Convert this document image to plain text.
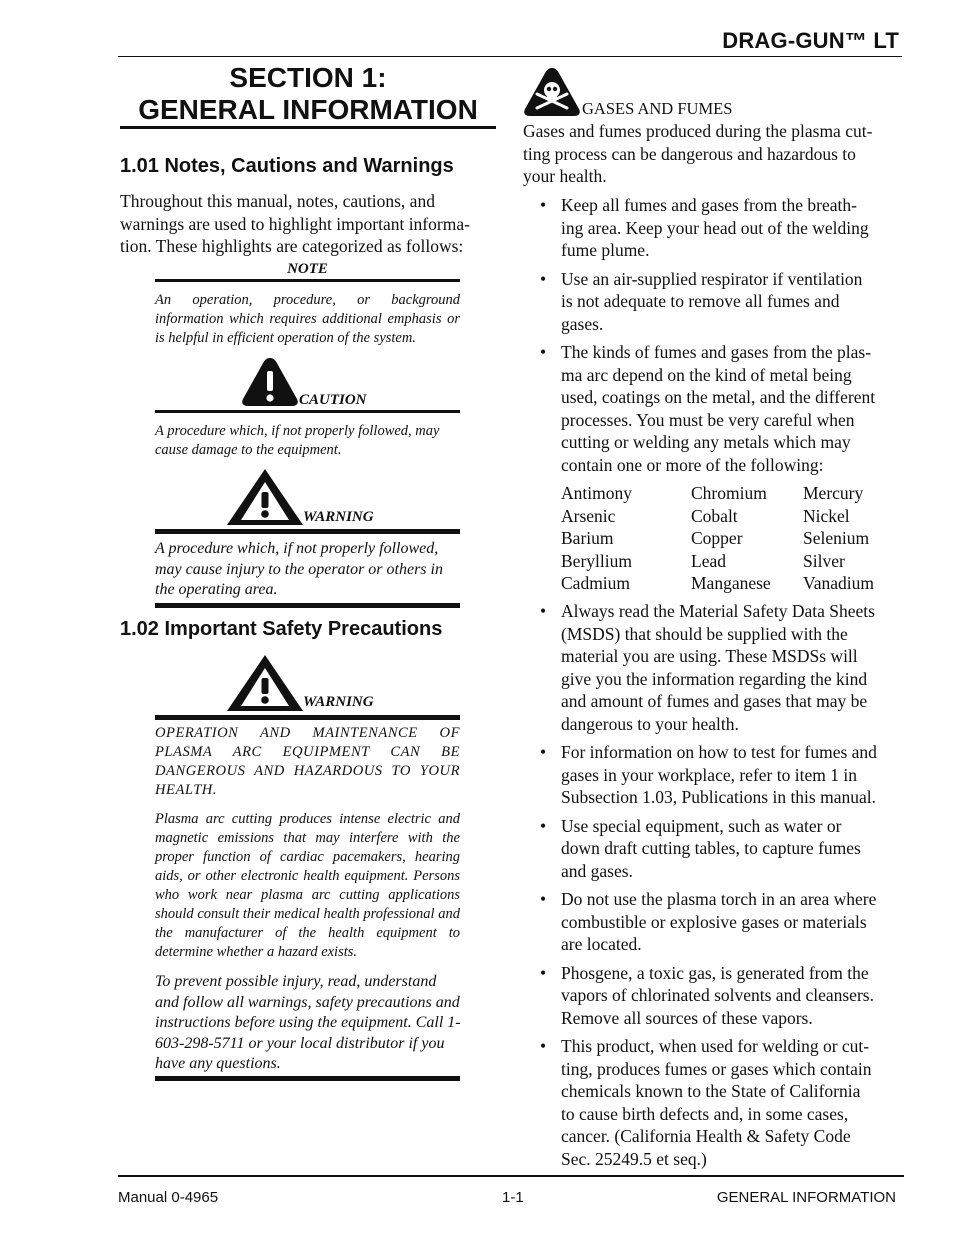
DRAG-GUN™ LT
SECTION 1:
GENERAL INFORMATION
1.01 Notes, Cautions and Warnings
Throughout this manual, notes, cautions, and
warnings are used to highlight important informa-
tion. These highlights are categorized as follows:
NOTE
An operation, procedure, or background information which requires additional emphasis or is helpful in efficient operation of the system.
CAUTION
A procedure which, if not properly followed, may cause damage to the equipment.
WARNING
A procedure which, if not properly followed, may cause injury to the operator or others in the operating area.
1.02 Important Safety Precautions
WARNING
OPERATION AND MAINTENANCE OF PLASMA ARC EQUIPMENT CAN BE DANGEROUS AND HAZARDOUS TO YOUR HEALTH.
Plasma arc cutting produces intense electric and magnetic emissions that may interfere with the proper function of cardiac pacemakers, hearing aids, or other electronic health equipment. Persons who work near plasma arc cutting applications should consult their medical health professional and the manufacturer of the health equipment to determine whether a hazard exists.
To prevent possible injury, read, understand and follow all warnings, safety precautions and instructions before using the equipment. Call 1-603-298-5711 or your local distributor if you have any questions.
GASES AND FUMES
Gases and fumes produced during the plasma cut-
ting process can be dangerous and hazardous to
your health.
• Keep all fumes and gases from the breath-
ing area. Keep your head out of the welding
fume plume.
• Use an air-supplied respirator if ventilation
is not adequate to remove all fumes and
gases.
• The kinds of fumes and gases from the plas-
ma arc depend on the kind of metal being
used, coatings on the metal, and the different
processes. You must be very careful when
cutting or welding any metals which may
contain one or more of the following:
Antimony	Chromium	Mercury
Arsenic	Cobalt	Nickel
Barium	Copper	Selenium
Beryllium	Lead	Silver
Cadmium	Manganese	Vanadium
• Always read the Material Safety Data Sheets
(MSDS) that should be supplied with the
material you are using. These MSDSs will
give you the information regarding the kind
and amount of fumes and gases that may be
dangerous to your health.
• For information on how to test for fumes and
gases in your workplace, refer to item 1 in
Subsection 1.03, Publications in this manual.
• Use special equipment, such as water or
down draft cutting tables, to capture fumes
and gases.
• Do not use the plasma torch in an area where
combustible or explosive gases or materials
are located.
• Phosgene, a toxic gas, is generated from the
vapors of chlorinated solvents and cleansers.
Remove all sources of these vapors.
• This product, when used for welding or cut-
ting, produces fumes or gases which contain
chemicals known to the State of California
to cause birth defects and, in some cases,
cancer. (California Health & Safety Code
Sec. 25249.5 et seq.)
Manual 0-4965	1-1	GENERAL INFORMATION
